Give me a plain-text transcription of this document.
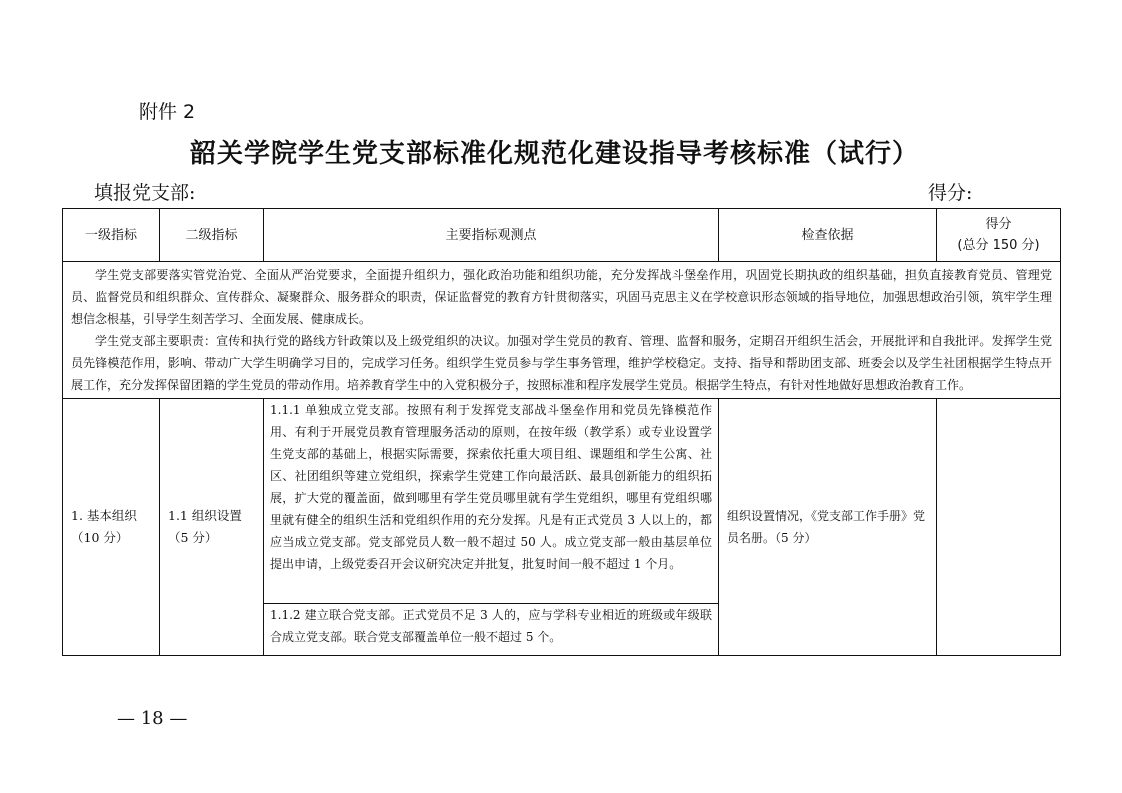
附件 2
韶关学院学生党支部标准化规范化建设指导考核标准（试行）
填报党支部:	得分:
一级指标	二级指标	主要指标观测点	检查依据	得分
(总分 150 分)

学生党支部要落实管党治党、全面从严治党要求，全面提升组织力，强化政治功能和组织功能，充分发挥战斗堡垒作用，巩固党长期执政的组织基础，担负直接教育党员、管理党员、监督党员和组织群众、宣传群众、凝聚群众、服务群众的职责，保证监督党的教育方针贯彻落实，巩固马克思主义在学校意识形态领域的指导地位，加强思想政治引领，筑牢学生理想信念根基，引导学生刻苦学习、全面发展、健康成长。

学生党支部主要职责：宣传和执行党的路线方针政策以及上级党组织的决议。加强对学生党员的教育、管理、监督和服务，定期召开组织生活会，开展批评和自我批评。发挥学生党员先锋模范作用，影响、带动广大学生明确学习目的，完成学习任务。组织学生党员参与学生事务管理，维护学校稳定。支持、指导和帮助团支部、班委会以及学生社团根据学生特点开展工作，充分发挥保留团籍的学生党员的带动作用。培养教育学生中的入党积极分子，按照标准和程序发展学生党员。根据学生特点，有针对性地做好思想政治教育工作。				

1. 基本组织（10 分）	1.1 组织设置（5 分）	1.1.1 单独成立党支部。按照有利于发挥党支部战斗堡垒作用和党员先锋模范作用、有利于开展党员教育管理服务活动的原则，在按年级（教学系）或专业设置学生党支部的基础上，根据实际需要，探索依托重大项目组、课题组和学生公寓、社区、社团组织等建立党组织，探索学生党建工作向最活跃、最具创新能力的组织拓展，扩大党的覆盖面，做到哪里有学生党员哪里就有学生党组织，哪里有党组织哪里就有健全的组织生活和党组织作用的充分发挥。凡是有正式党员 3 人以上的，都应当成立党支部。党支部党员人数一般不超过 50 人。成立党支部一般由基层单位提出申请，上级党委召开会议研究决定并批复，批复时间一般不超过 1 个月。	组织设置情况，《党支部工作手册》党员名册。（5 分）	
		1.1.2 建立联合党支部。正式党员不足 3 人的，应与学科专业相近的班级或年级联合成立党支部。联合党支部覆盖单位一般不超过 5 个。		
— 18 —
